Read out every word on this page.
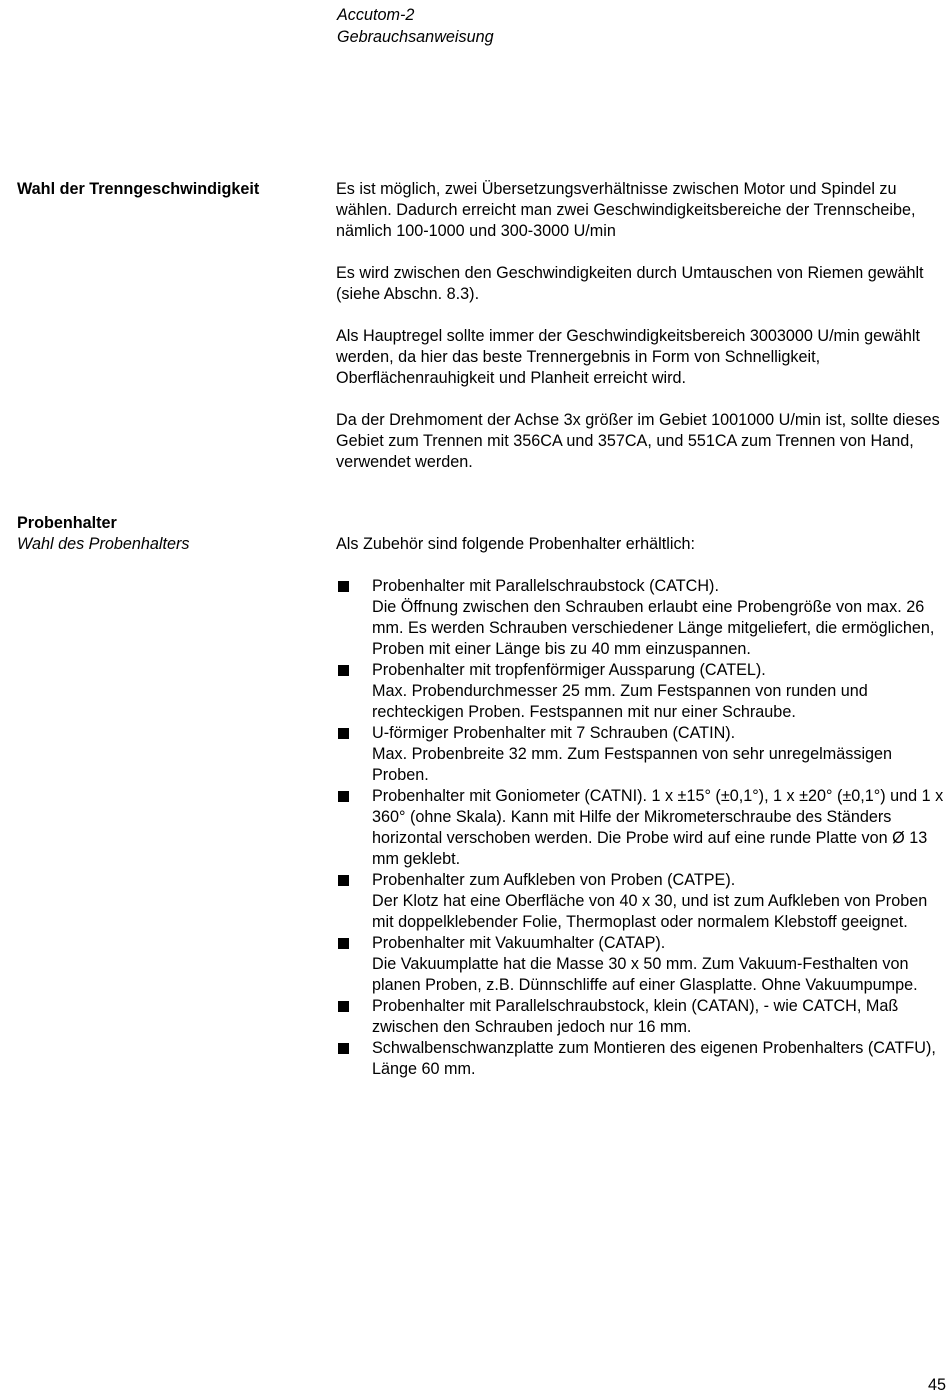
Accutom-2
Gebrauchsanweisung
Wahl der Trenngeschwindigkeit	Es ist möglich, zwei Übersetzungsverhältnisse zwischen Motor und Spindel zu wählen. Dadurch erreicht man zwei Geschwindigkeitsbereiche der Trennscheibe, nämlich 100-1000 und 300-3000 U/min

Es wird zwischen den Geschwindigkeiten durch Umtauschen von Riemen gewählt (siehe Abschn. 8.3).

Als Hauptregel sollte immer der Geschwindigkeitsbereich 3003000 U/min gewählt werden, da hier das beste Trennergebnis in Form von Schnelligkeit, Oberflächenrauhigkeit und Planheit erreicht wird.

Da der Drehmoment der Achse 3x größer im Gebiet 1001000 U/min ist, sollte dieses Gebiet zum Trennen mit 356CA und 357CA, und 551CA zum Trennen von Hand, verwendet werden.

Probenhalter
Wahl des Probenhalters	Als Zubehör sind folgende Probenhalter erhältlich:

Probenhalter mit Parallelschraubstock (CATCH).
Die Öffnung zwischen den Schrauben erlaubt eine Probengröße von max. 26 mm. Es werden Schrauben verschiedener Länge mitgeliefert, die ermöglichen, Proben mit einer Länge bis zu 40 mm einzuspannen.
Probenhalter mit tropfenförmiger Aussparung (CATEL).
Max. Probendurchmesser 25 mm. Zum Festspannen von runden und rechteckigen Proben. Festspannen mit nur einer Schraube.
U-förmiger Probenhalter mit 7 Schrauben (CATIN).
Max. Probenbreite 32 mm. Zum Festspannen von sehr unregelmässigen Proben.
Probenhalter mit Goniometer (CATNI). 1 x ±15° (±0,1°), 1 x ±20° (±0,1°) und 1 x 360° (ohne Skala). Kann mit Hilfe der Mikrometerschraube des Ständers horizontal verschoben werden. Die Probe wird auf eine runde Platte von Ø 13 mm geklebt.
Probenhalter zum Aufkleben von Proben (CATPE).
Der Klotz hat eine Oberfläche von 40 x 30, und ist zum Aufkleben von Proben mit doppelklebender Folie, Thermoplast oder normalem Klebstoff geeignet.
Probenhalter mit Vakuumhalter (CATAP).
Die Vakuumplatte hat die Masse 30 x 50 mm. Zum Vakuum-Festhalten von planen Proben, z.B. Dünnschliffe auf einer Glasplatte. Ohne Vakuumpumpe.
Probenhalter mit Parallelschraubstock, klein (CATAN), - wie CATCH, Maß zwischen den Schrauben jedoch nur 16 mm.
Schwalbenschwanzplatte zum Montieren des eigenen Probenhalters (CATFU), Länge 60 mm.
45
